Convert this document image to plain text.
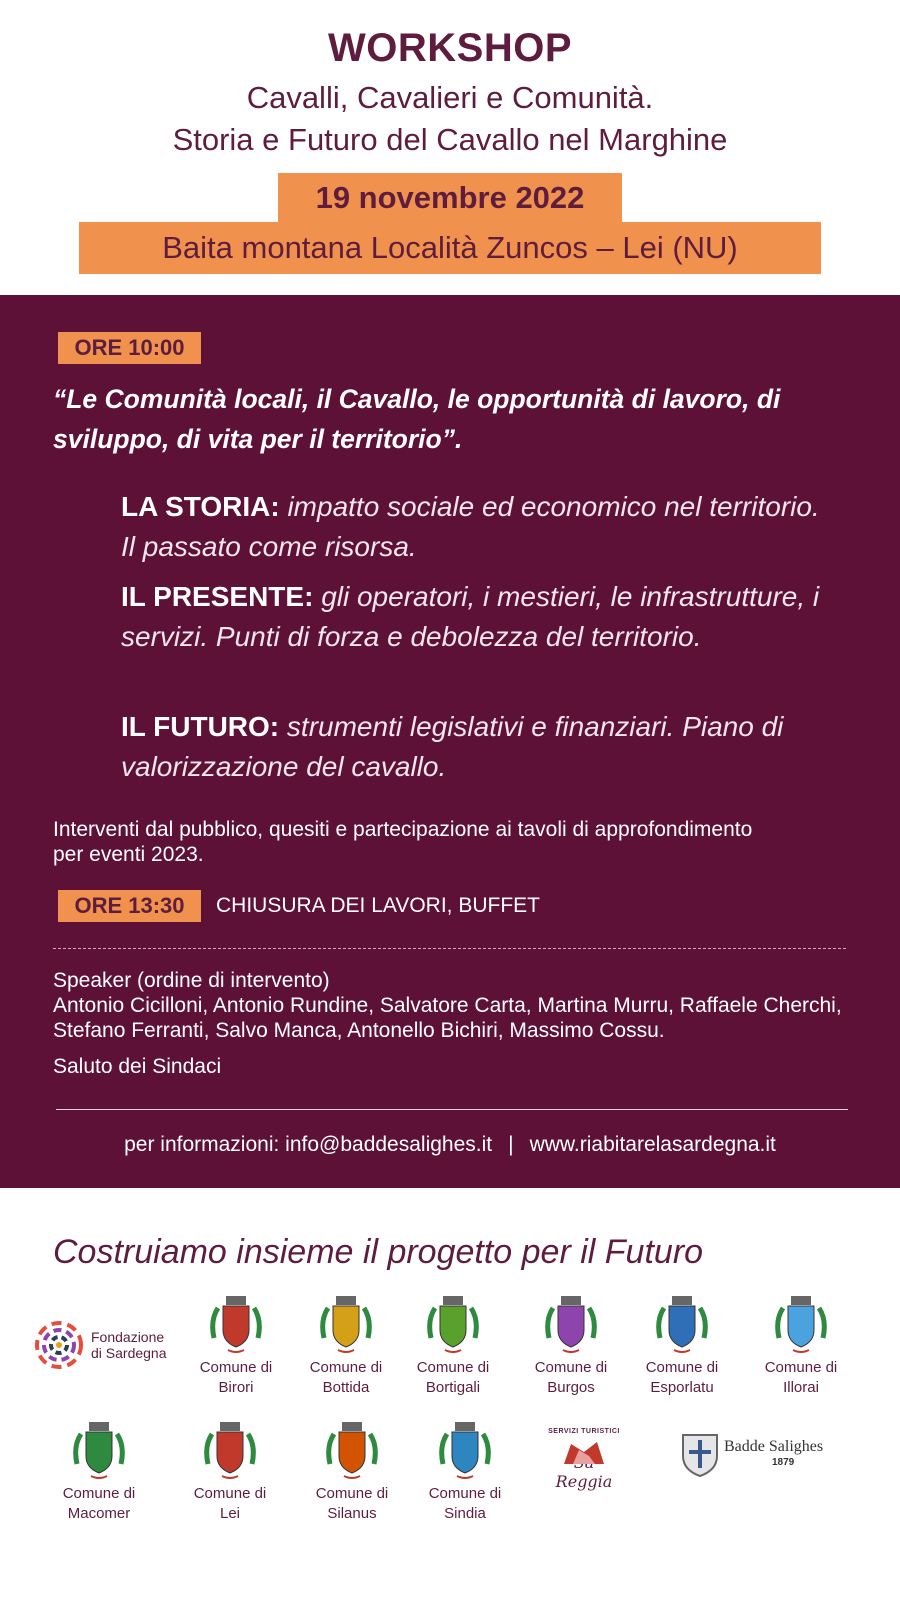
WORKSHOP
Cavalli, Cavalieri e Comunità.
Storia e Futuro del Cavallo nel Marghine
Baita montana Località Zuncos – Lei (NU)
19 novembre 2022
ORE 10:00
“Le Comunità locali, il Cavallo, le opportunità di lavoro, di sviluppo, di vita per il territorio”.
LA STORIA: impatto sociale ed economico nel territorio. Il passato come risorsa.
IL PRESENTE: gli operatori, i mestieri, le infrastrutture, i servizi. Punti di forza e debolezza del territorio.
IL FUTURO: strumenti legislativi e finanziari. Piano di valorizzazione del cavallo.
Interventi dal pubblico, quesiti e partecipazione ai tavoli di approfondimento per eventi 2023.
ORE 13:30	CHIUSURA DEI LAVORI, BUFFET
Speaker (ordine di intervento)
Antonio Cicilloni, Antonio Rundine, Salvatore Carta, Martina Murru, Raffaele Cherchi, Stefano Ferranti, Salvo Manca, Antonello Bichiri, Massimo Cossu.
Saluto dei Sindaci
per informazioni: info@baddesalighes.it | www.riabitarelasardegna.it
Costruiamo insieme il progetto per il Futuro
Fondazione
di Sardegna
Comune di
Birori
Comune di
Bottida
Comune di
Bortigali
Comune di
Burgos
Comune di
Esporlatu
Comune di
Illorai
Comune di
Macomer
Comune di
Lei
Comune di
Silanus
Comune di
Sindia
SERVIZI TURISTICI
Reggia
Badde Salighes
1879
